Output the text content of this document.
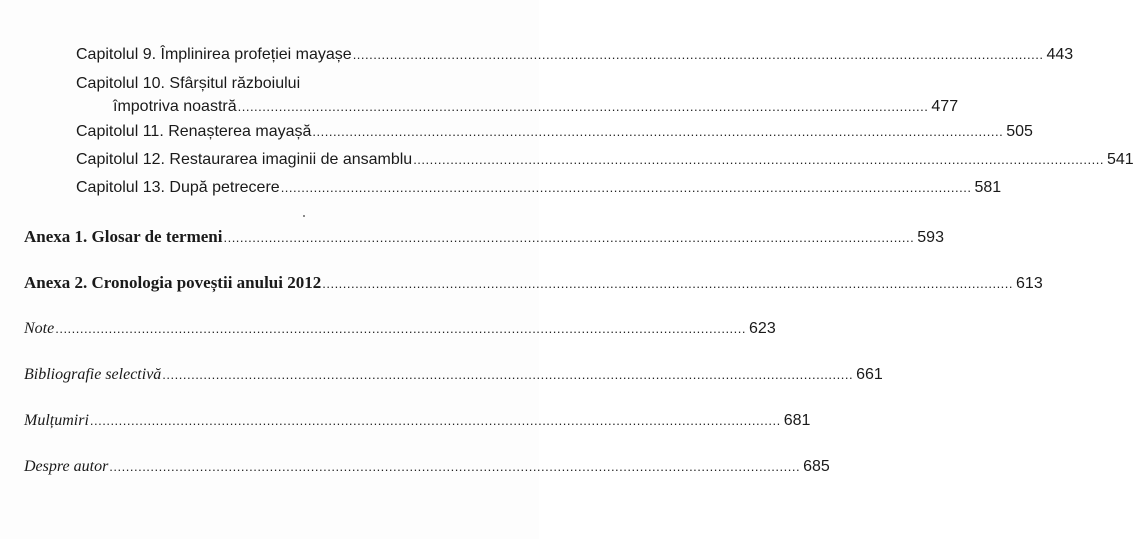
Capitolul 9. Împlinirea profeției mayașe ........................................................................................................................................................................ 443
Capitolul 10. Sfârșitul războiului
împotriva noastră ........................................................................................................................................................................ 477
Capitolul 11. Renașterea mayașă ........................................................................................................................................................................ 505
Capitolul 12. Restaurarea imaginii de ansamblu ........................................................................................................................................................................ 541
Capitolul 13. După petrecere ........................................................................................................................................................................ 581
Anexa 1. Glosar de termeni ........................................................................................................................................................................ 593
Anexa 2. Cronologia poveștii anului 2012 ........................................................................................................................................................................ 613
Note ........................................................................................................................................................................ 623
Bibliografie selectivă ........................................................................................................................................................................ 661
Mulțumiri ........................................................................................................................................................................ 681
Despre autor ........................................................................................................................................................................ 685
